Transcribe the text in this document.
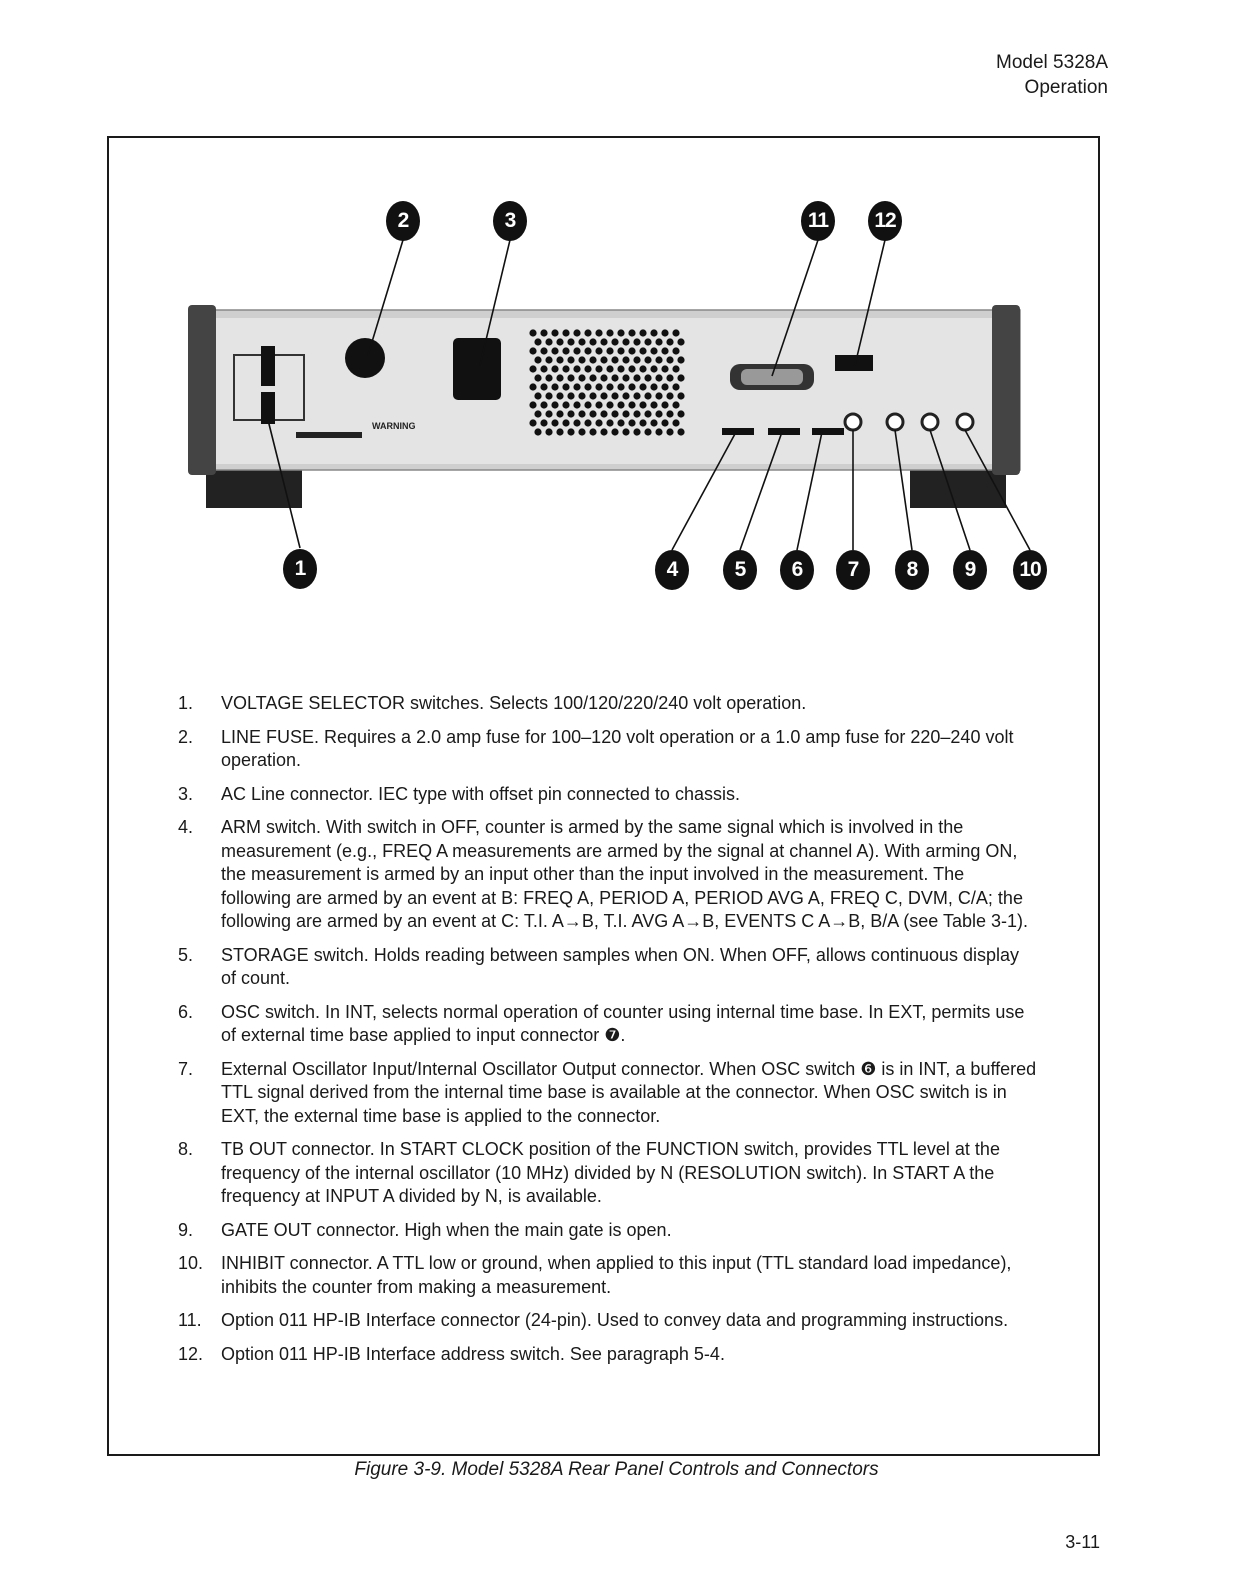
Model 5328A
Operation
WARNING
1
2	3
4	5	6	7	8	9	10
11	12
1.	VOLTAGE SELECTOR switches. Selects 100/120/220/240 volt operation.
2.	LINE FUSE. Requires a 2.0 amp fuse for 100–120 volt operation or a 1.0 amp fuse for 220–240 volt operation.
3.	AC Line connector. IEC type with offset pin connected to chassis.
4.	ARM switch. With switch in OFF, counter is armed by the same signal which is involved in the measurement (e.g., FREQ A measurements are armed by the signal at channel A). With arming ON, the measurement is armed by an input other than the input involved in the measurement. The following are armed by an event at B: FREQ A, PERIOD A, PERIOD AVG A, FREQ C, DVM, C/A; the following are armed by an event at C: T.I. A→B, T.I. AVG A→B, EVENTS C A→B, B/A (see Table 3-1).
5.	STORAGE switch. Holds reading between samples when ON. When OFF, allows continuous display of count.
6.	OSC switch. In INT, selects normal operation of counter using internal time base. In EXT, permits use of external time base applied to input connector ❼.
7.	External Oscillator Input/Internal Oscillator Output connector. When OSC switch ❻ is in INT, a buffered TTL signal derived from the internal time base is available at the connector. When OSC switch is in EXT, the external time base is applied to the connector.
8.	TB OUT connector. In START CLOCK position of the FUNCTION switch, provides TTL level at the frequency of the internal oscillator (10 MHz) divided by N (RESOLUTION switch). In START A the frequency at INPUT A divided by N, is available.
9.	GATE OUT connector. High when the main gate is open.
10. INHIBIT connector. A TTL low or ground, when applied to this input (TTL standard load impedance), inhibits the counter from making a measurement.
11.	Option 011 HP-IB Interface connector (24-pin). Used to convey data and programming instructions.
12. Option 011 HP-IB Interface address switch. See paragraph 5-4.
Figure 3-9. Model 5328A Rear Panel Controls and Connectors
3-11
